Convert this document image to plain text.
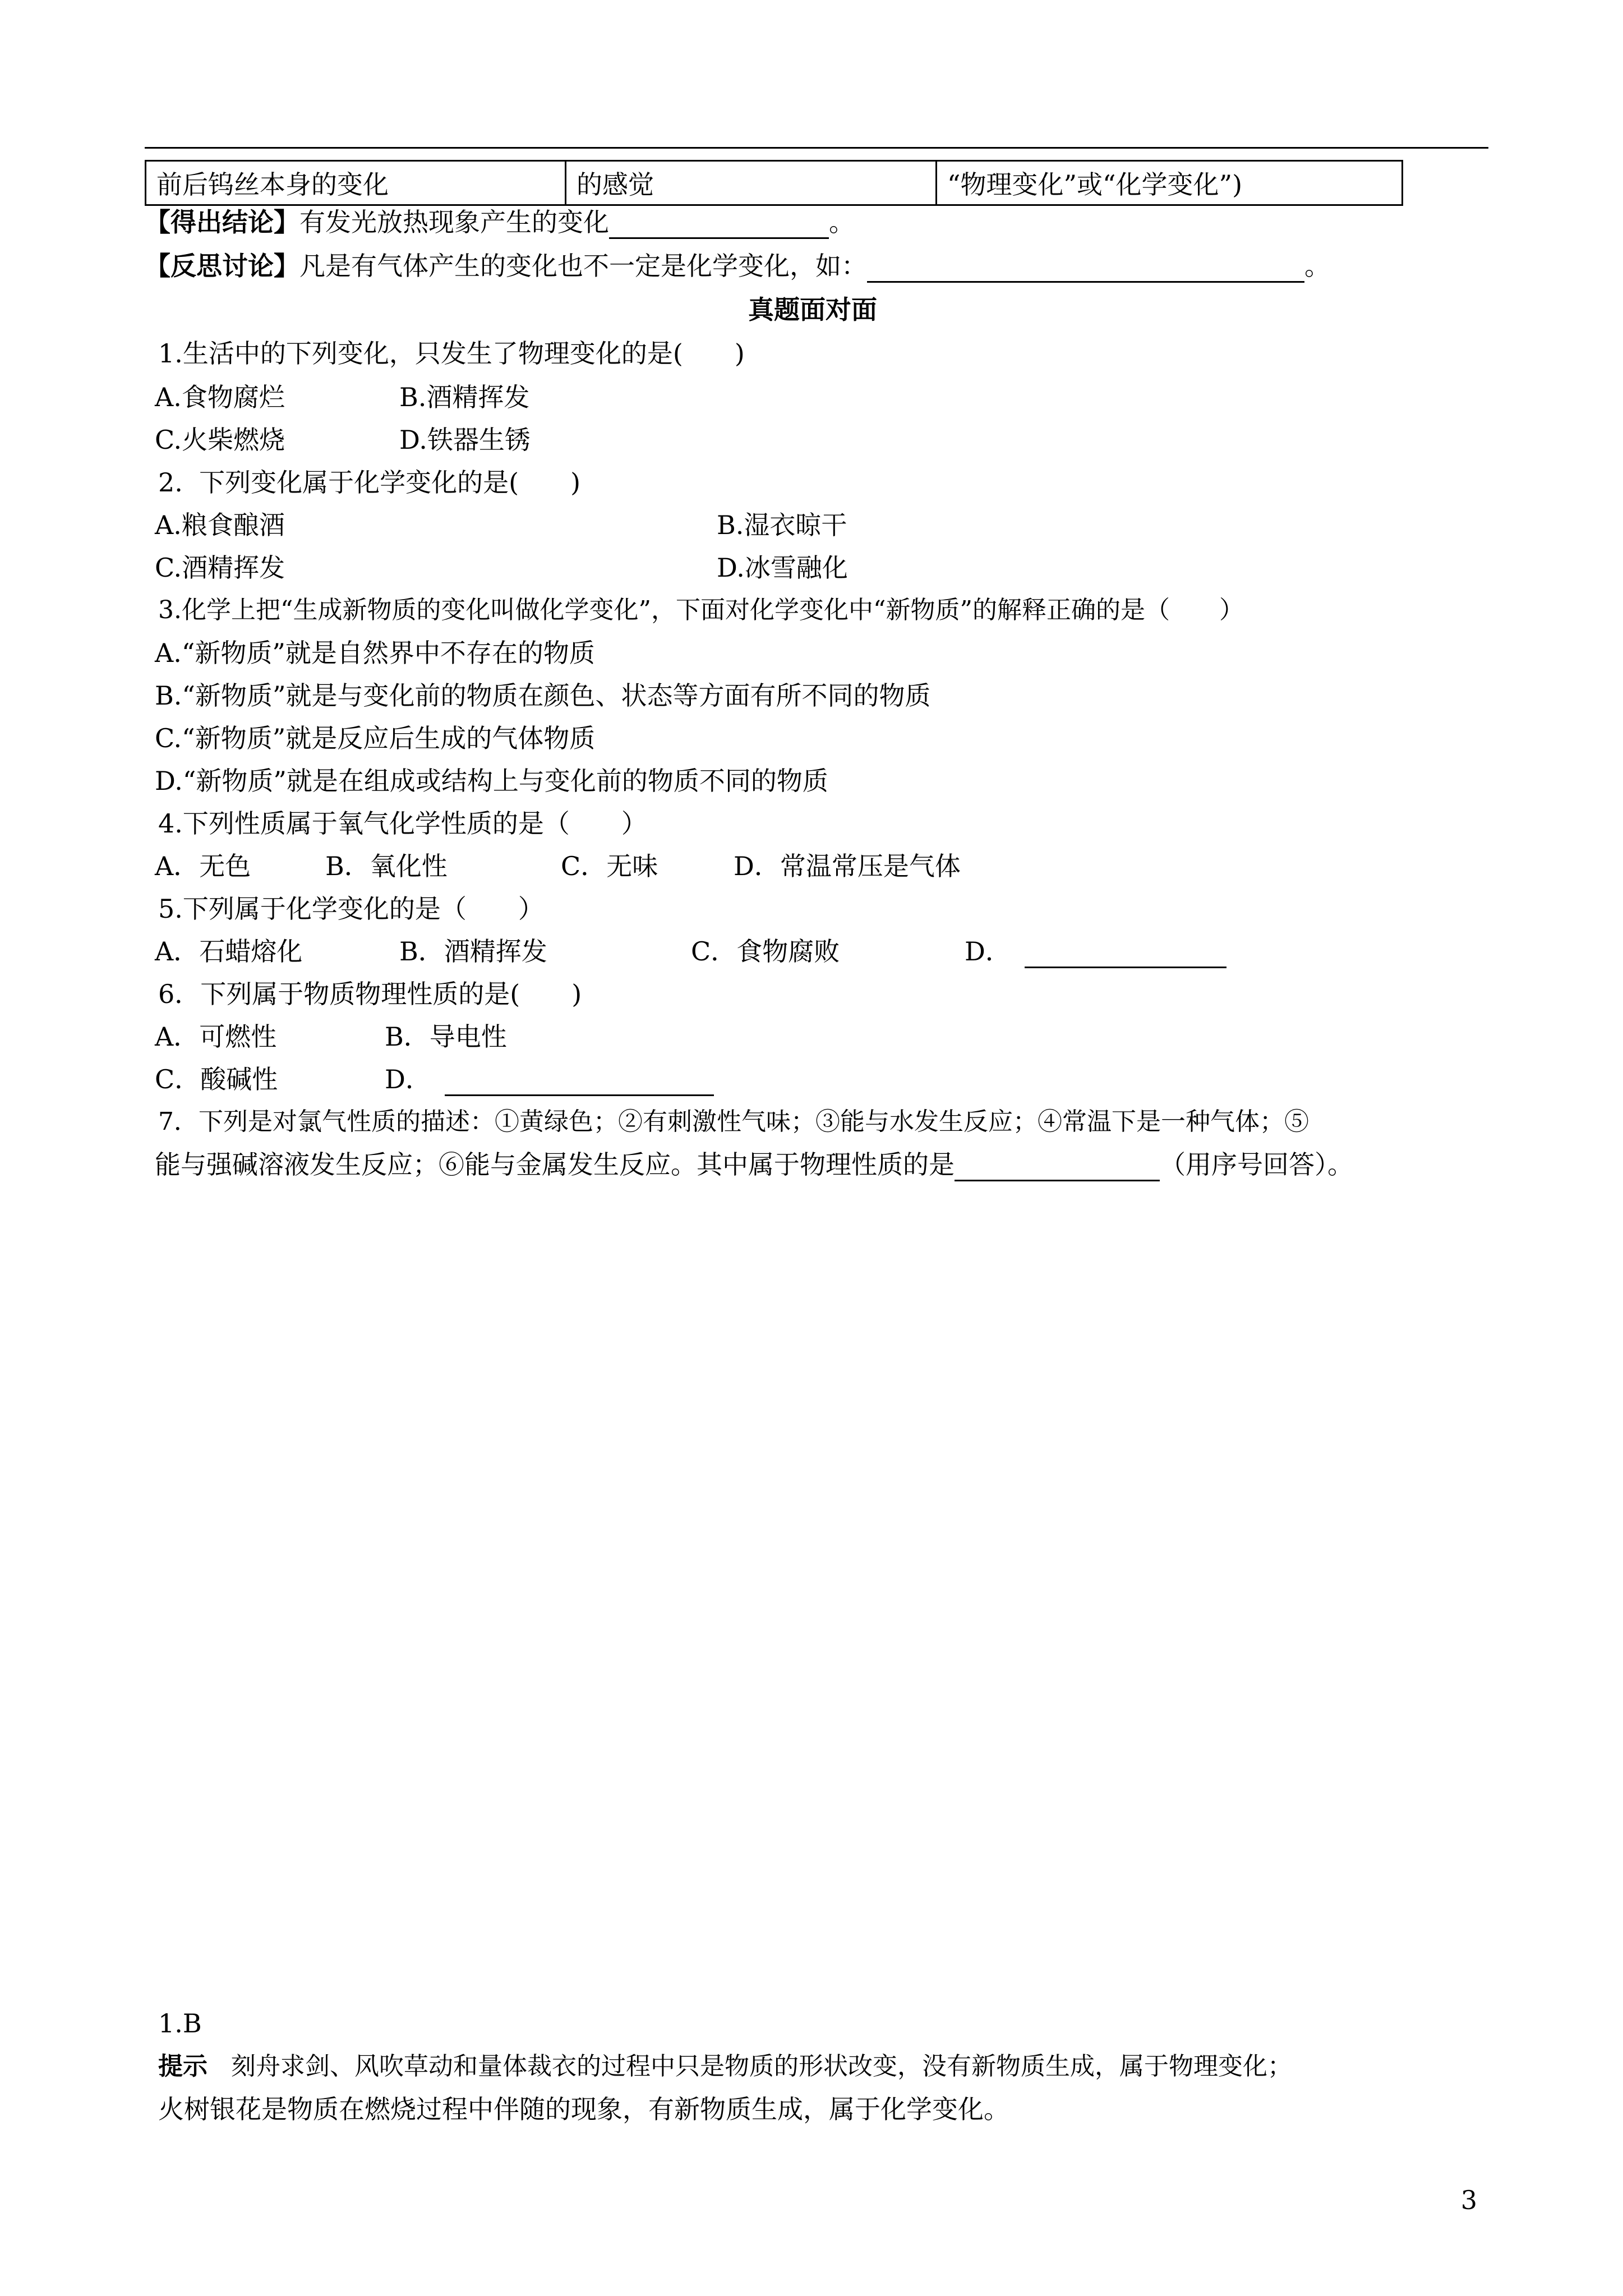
前后钨丝本身的变化	的感觉	“物理变化”或“化学变化”)
【得出结论】有发光放热现象产生的变化	。
【反思讨论】凡是有气体产生的变化也不一定是化学变化，如：	。
真题面对面
1.生活中的下列变化，只发生了物理变化的是(　　)
A.食物腐烂	B.酒精挥发
C.火柴燃烧	D.铁器生锈
2.  下列变化属于化学变化的是(　　)
A.粮食酿酒	B.湿衣晾干
C.酒精挥发	D.冰雪融化
3.化学上把“生成新物质的变化叫做化学变化”，下面对化学变化中“新物质”的解释正确的是（　　）
A.“新物质”就是自然界中不存在的物质
B.“新物质”就是与变化前的物质在颜色、状态等方面有所不同的物质
C.“新物质”就是反应后生成的气体物质
D.“新物质”就是在组成或结构上与变化前的物质不同的物质
4.下列性质属于氧气化学性质的是（　　）
A．无色	B．氧化性	C．无味	D．常温常压是气体
5.下列属于化学变化的是（　　）
A．石蜡熔化	B．酒精挥发	C．食物腐败	D．
6．下列属于物质物理性质的是(　　)
A．可燃性	B．导电性
C．酸碱性	D．
7．下列是对氯气性质的描述：①黄绿色；②有刺激性气味；③能与水发生反应；④常温下是一种气体；⑤
能与强碱溶液发生反应；⑥能与金属发生反应。其中属于物理性质的是	（用序号回答）。
1.B
提示 刻舟求剑、风吹草动和量体裁衣的过程中只是物质的形状改变，没有新物质生成，属于物理变化；
火树银花是物质在燃烧过程中伴随的现象，有新物质生成，属于化学变化。
3
